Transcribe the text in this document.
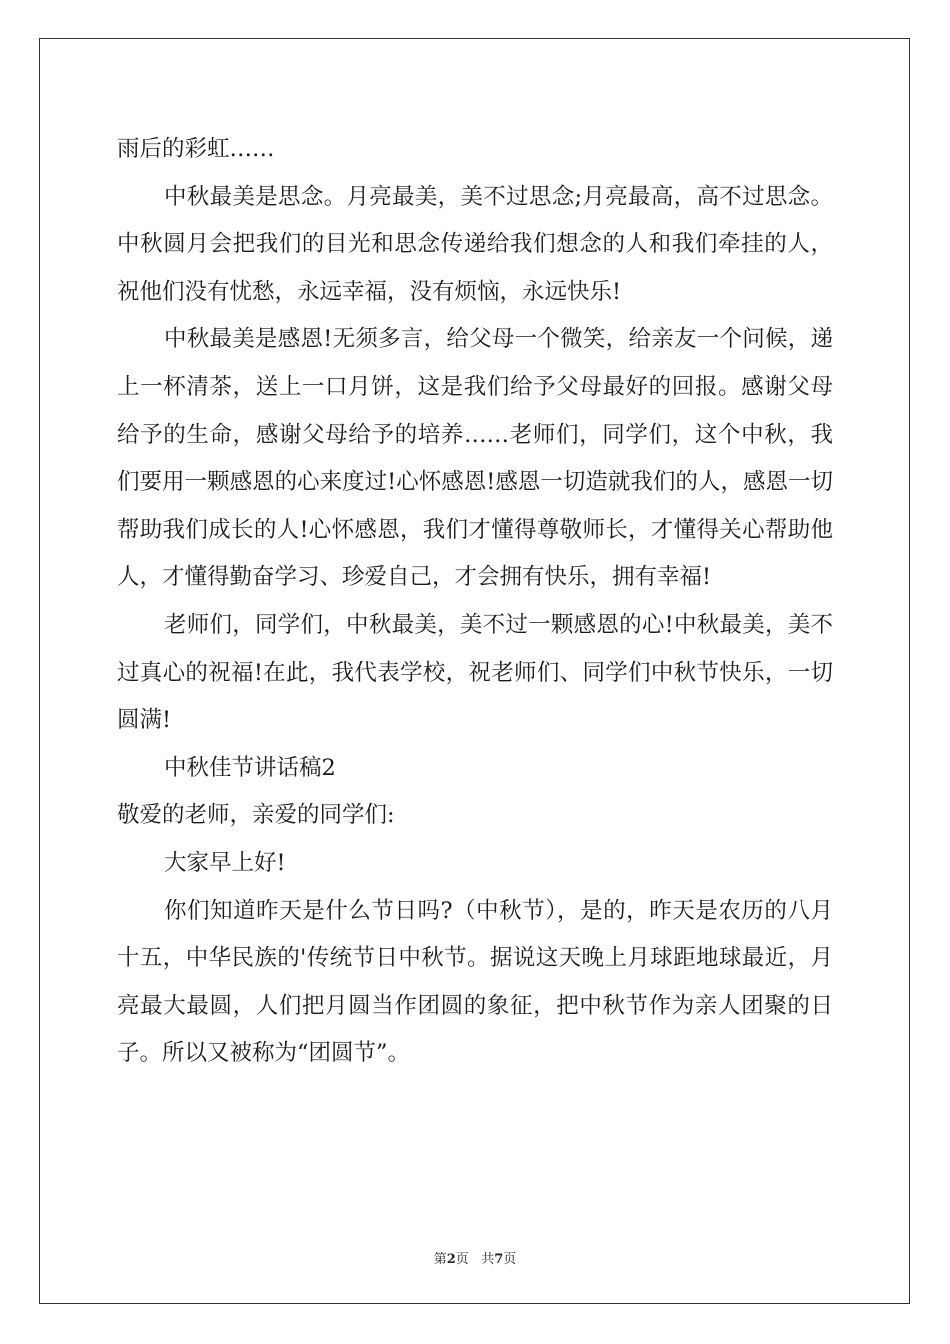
雨后的彩虹……

中秋最美是思念。月亮最美，美不过思念;月亮最高，高不过思念。中秋圆月会把我们的目光和思念传递给我们想念的人和我们牵挂的人，祝他们没有忧愁，永远幸福，没有烦恼，永远快乐!

中秋最美是感恩!无须多言，给父母一个微笑，给亲友一个问候，递上一杯清茶，送上一口月饼，这是我们给予父母最好的回报。感谢父母给予的生命，感谢父母给予的培养……老师们，同学们，这个中秋，我们要用一颗感恩的心来度过!心怀感恩!感恩一切造就我们的人，感恩一切帮助我们成长的人!心怀感恩，我们才懂得尊敬师长，才懂得关心帮助他人，才懂得勤奋学习、珍爱自己，才会拥有快乐，拥有幸福!

老师们，同学们，中秋最美，美不过一颗感恩的心!中秋最美，美不过真心的祝福!在此，我代表学校，祝老师们、同学们中秋节快乐，一切圆满!

中秋佳节讲话稿2

敬爱的老师，亲爱的同学们:

大家早上好!

你们知道昨天是什么节日吗?（中秋节），是的，昨天是农历的八月十五，中华民族的'传统节日中秋节。据说这天晚上月球距地球最近，月亮最大最圆，人们把月圆当作团圆的象征，把中秋节作为亲人团聚的日子。所以又被称为“团圆节”。

第2页 共7页
